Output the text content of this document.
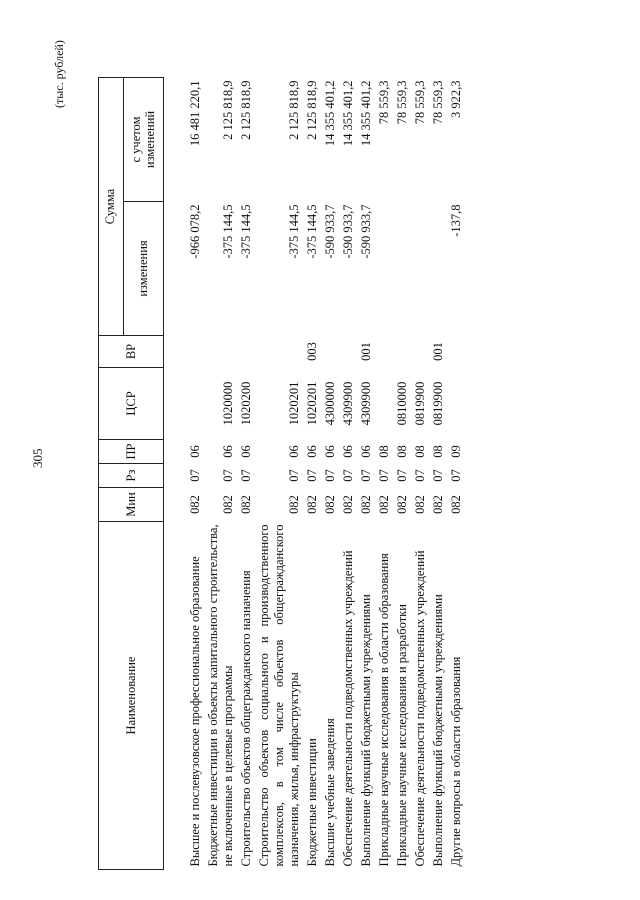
305
(тыс. рублей)
Наименование	Мин	Рз	ПР	ЦСР	ВР	Сумма	
						изменения	с учетом
изменений
Высшее и послевузовское профессиональное образование	082	07	06			-966 078,2	16 481 220,1
Бюджетные инвестиции в объекты капитального строительства, не включенные в целевые программы	082	07	06	1020000		-375 144,5	2 125 818,9
Строительство объектов общегражданского назначения	082	07	06	1020200		-375 144,5	2 125 818,9
Строительство объектов социального и производственного комплексов, в том числе объектов общегражданского назначения, жилья, инфраструктуры	082	07	06	1020201		-375 144,5	2 125 818,9
Бюджетные инвестиции	082	07	06	1020201	003	-375 144,5	2 125 818,9
Высшие учебные заведения	082	07	06	4300000		-590 933,7	14 355 401,2
Обеспечение деятельности подведомственных учреждений	082	07	06	4309900		-590 933,7	14 355 401,2
Выполнение функций бюджетными учреждениями	082	07	06	4309900	001	-590 933,7	14 355 401,2
Прикладные научные исследования в области образования	082	07	08				78 559,3
Прикладные научные исследования и разработки	082	07	08	0810000			78 559,3
Обеспечение деятельности подведомственных учреждений	082	07	08	0819900			78 559,3
Выполнение функций бюджетными учреждениями	082	07	08	0819900	001		78 559,3
Другие вопросы в области образования	082	07	09			-137,8	3 922,3
